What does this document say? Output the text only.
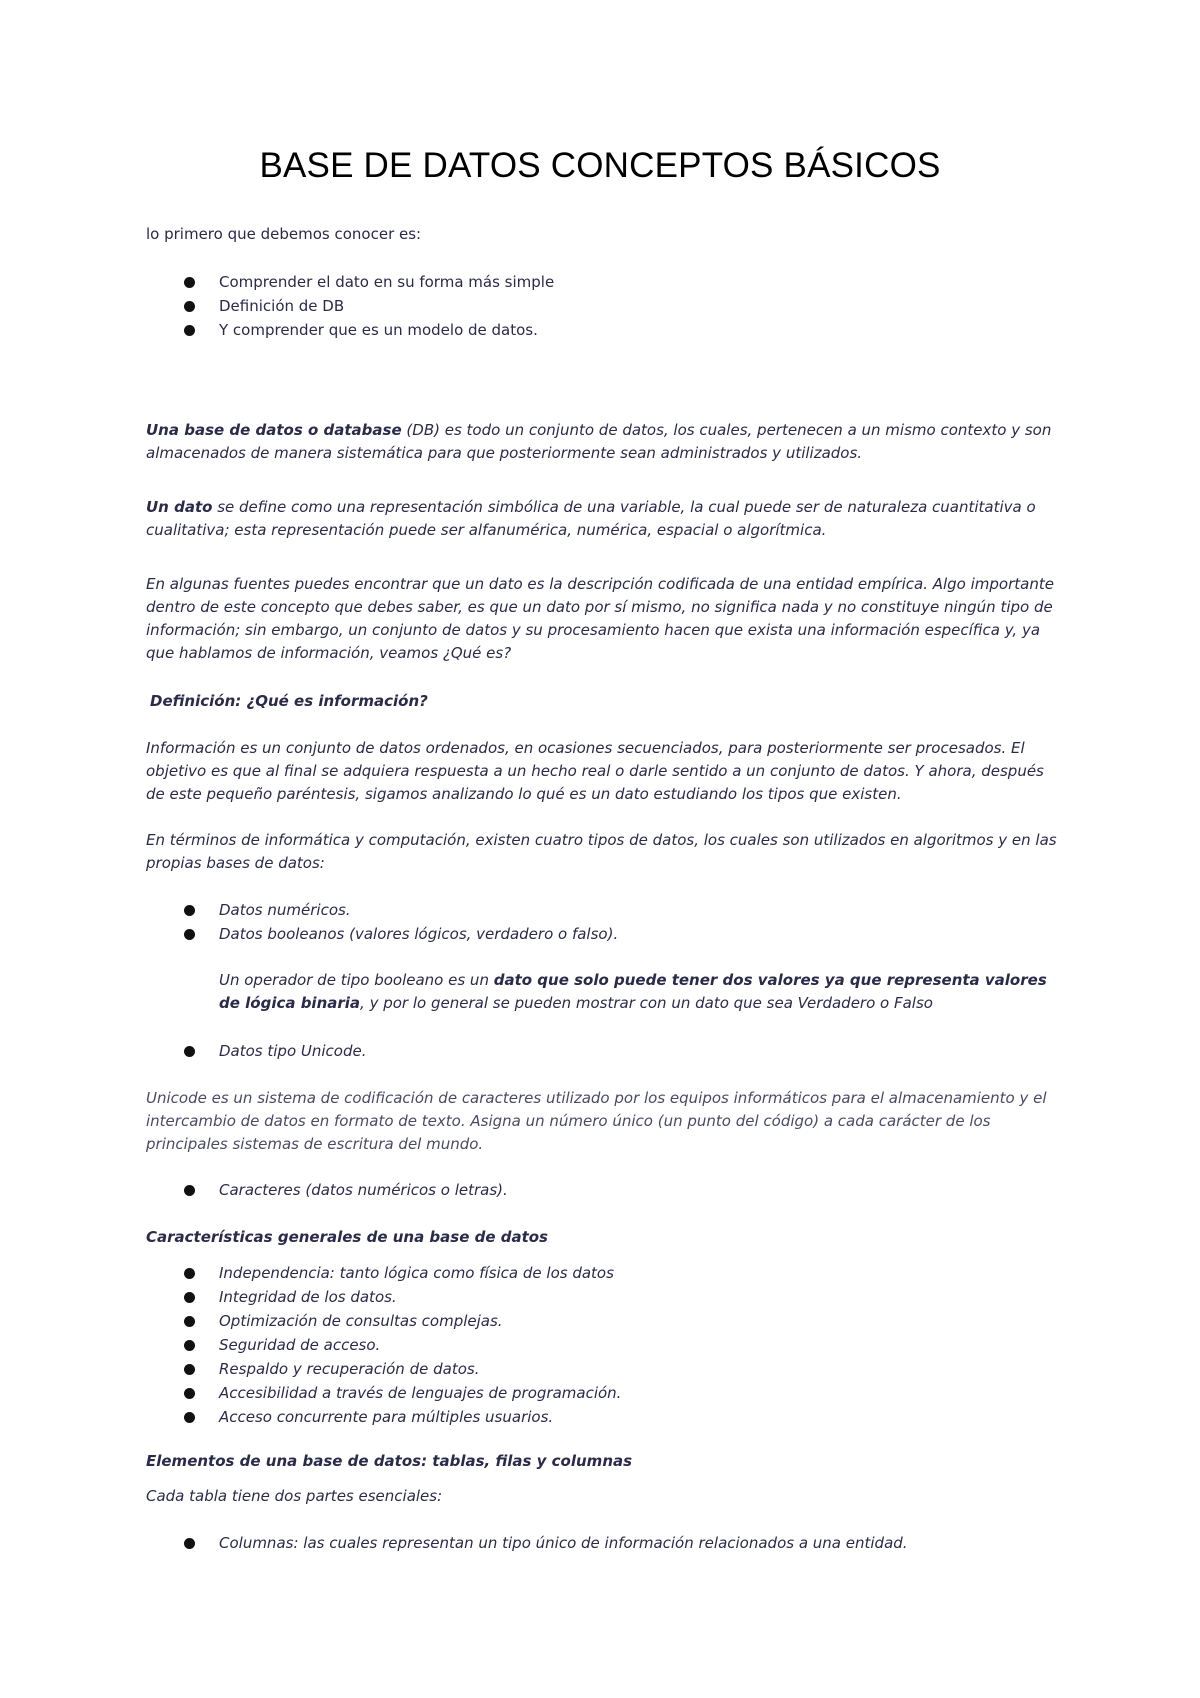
BASE DE DATOS CONCEPTOS BÁSICOS

lo primero que debemos conocer es:

Comprender el dato en su forma más simple
Definición de DB
Y comprender que es un modelo de datos.

Una base de datos o database (DB) es todo un conjunto de datos, los cuales, pertenecen a un mismo contexto y son almacenados de manera sistemática para que posteriormente sean administrados y utilizados.

Un dato se define como una representación simbólica de una variable, la cual puede ser de naturaleza cuantitativa o cualitativa; esta representación puede ser alfanumérica, numérica, espacial o algorítmica.

En algunas fuentes puedes encontrar que un dato es la descripción codificada de una entidad empírica. Algo importante dentro de este concepto que debes saber, es que un dato por sí mismo, no significa nada y no constituye ningún tipo de información; sin embargo, un conjunto de datos y su procesamiento hacen que exista una información específica y, ya que hablamos de información, veamos ¿Qué es?

Definición: ¿Qué es información?

Información es un conjunto de datos ordenados, en ocasiones secuenciados, para posteriormente ser procesados. El objetivo es que al final se adquiera respuesta a un hecho real o darle sentido a un conjunto de datos. Y ahora, después de este pequeño paréntesis, sigamos analizando lo qué es un dato estudiando los tipos que existen.

En términos de informática y computación, existen cuatro tipos de datos, los cuales son utilizados en algoritmos y en las propias bases de datos:

Datos numéricos.
Datos booleanos (valores lógicos, verdadero o falso).

Un operador de tipo booleano es un dato que solo puede tener dos valores ya que representa valores de lógica binaria, y por lo general se pueden mostrar con un dato que sea Verdadero o Falso

Datos tipo Unicode.

Unicode es un sistema de codificación de caracteres utilizado por los equipos informáticos para el almacenamiento y el intercambio de datos en formato de texto. Asigna un número único (un punto del código) a cada carácter de los principales sistemas de escritura del mundo.

Caracteres (datos numéricos o letras).

Características generales de una base de datos

Independencia: tanto lógica como física de los datos
Integridad de los datos.
Optimización de consultas complejas.
Seguridad de acceso.
Respaldo y recuperación de datos.
Accesibilidad a través de lenguajes de programación.
Acceso concurrente para múltiples usuarios.

Elementos de una base de datos: tablas, filas y columnas

Cada tabla tiene dos partes esenciales:

Columnas: las cuales representan un tipo único de información relacionados a una entidad.
